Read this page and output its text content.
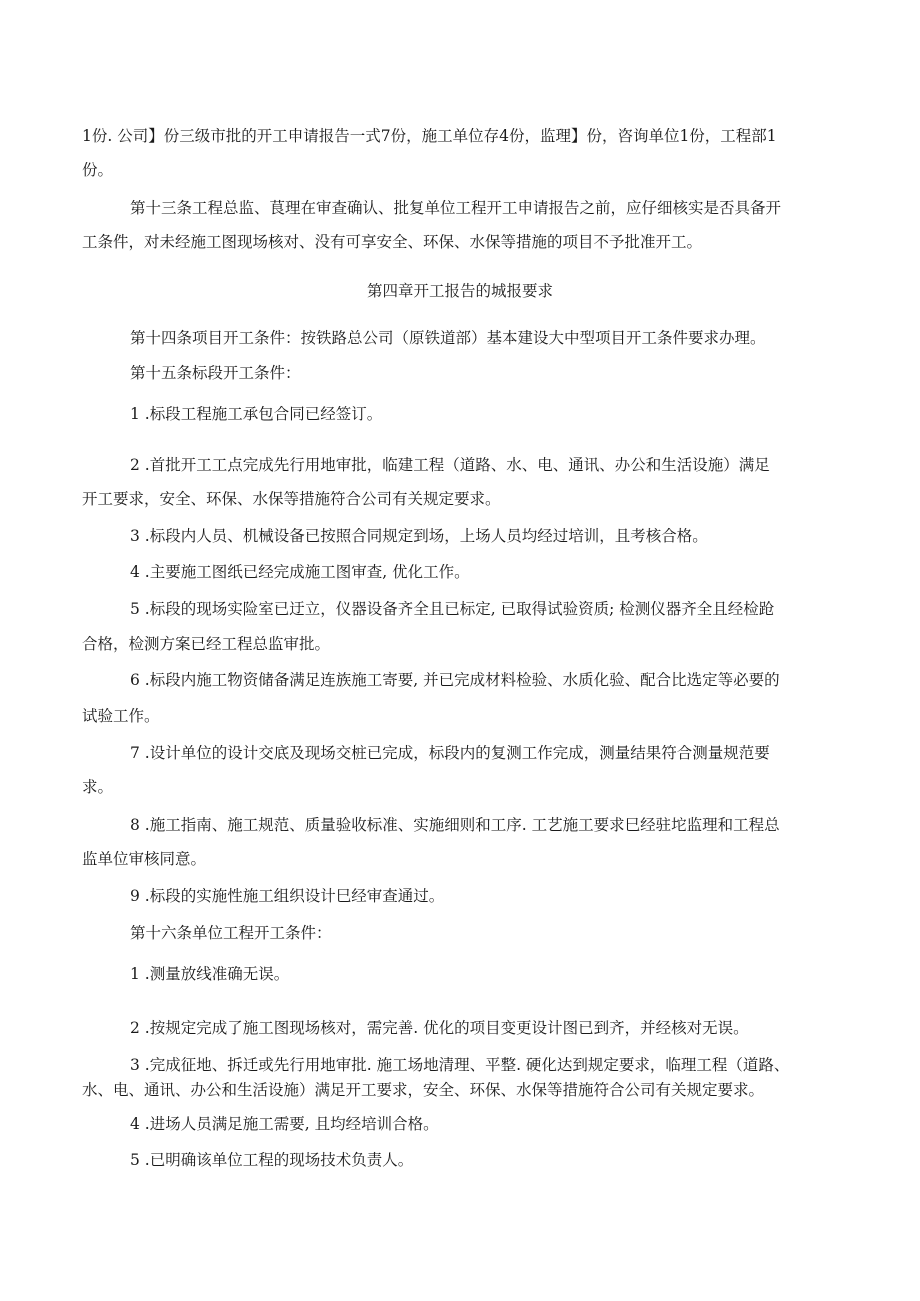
1份. 公司】份三级市批的开工申请报告一式7份，施工单位存4份，监理】份，咨询单位1份，工程部1

份。

第十三条工程总监、茛理在审查确认、批复单位工程开工申请报告之前，应仔细核实是否具备开

工条件，对未经施工图现场核对、没有可享安全、环保、水保等措施的项目不予批准开工。

第四章开工报告的城报要求

第十四条项目开工条件：按铁路总公司（原铁道部）基本建设大中型项目开工条件要求办理。

第十五条标段开工条件：

1 .标段工程施工承包合同已经签订。

2 .首批开工工点完成先行用地审批，临建工程（道路、水、电、通讯、办公和生活设施）满足

开工要求，安全、环保、水保等措施符合公司有关规定要求。

3 .标段内人员、机械设备已按照合同规定到场，上场人员均经过培训，且考核合格。

4 .主要施工图纸已经完成施工图审查, 优化工作。

5 .标段的现场实险室已迂立，仪器设备齐全且已标定, 已取得试验资质; 检测仪器齐全且经检跄

合格，检测方案已经工程总监审批。

6 .标段内施工物资储备满足连族施工寄要, 并已完成材料检验、水质化验、配合比选定等必要的

试验工作。

7 .设计单位的设计交底及现场交桩已完成，标段内的复测工作完成，测量结果符合测量规范要

求。

8 .施工指南、施工规范、质量验收标准、实施细则和工序. 工艺施工要求巳经驻坨监理和工程总

监单位审核同意。

9 .标段的实施性施工组织设计巳经审查通过。

第十六条单位工程开工条件：

1 .测量放线准确无误。

2 .按规定完成了施工图现场核对，需完善. 优化的项目变更设计图已到齐，并经核对无误。

3 .完成征地、拆迁或先行用地审批. 施工场地清理、平整. 硬化达到规定要求，临理工程（道路、

水、电、通讯、办公和生活设施）满足开工要求，安全、环保、水保等措施符合公司有关规定要求。

4 .进场人员满足施工需要, 且均经培训合格。

5 .已明确该单位工程的现场技术负责人。
